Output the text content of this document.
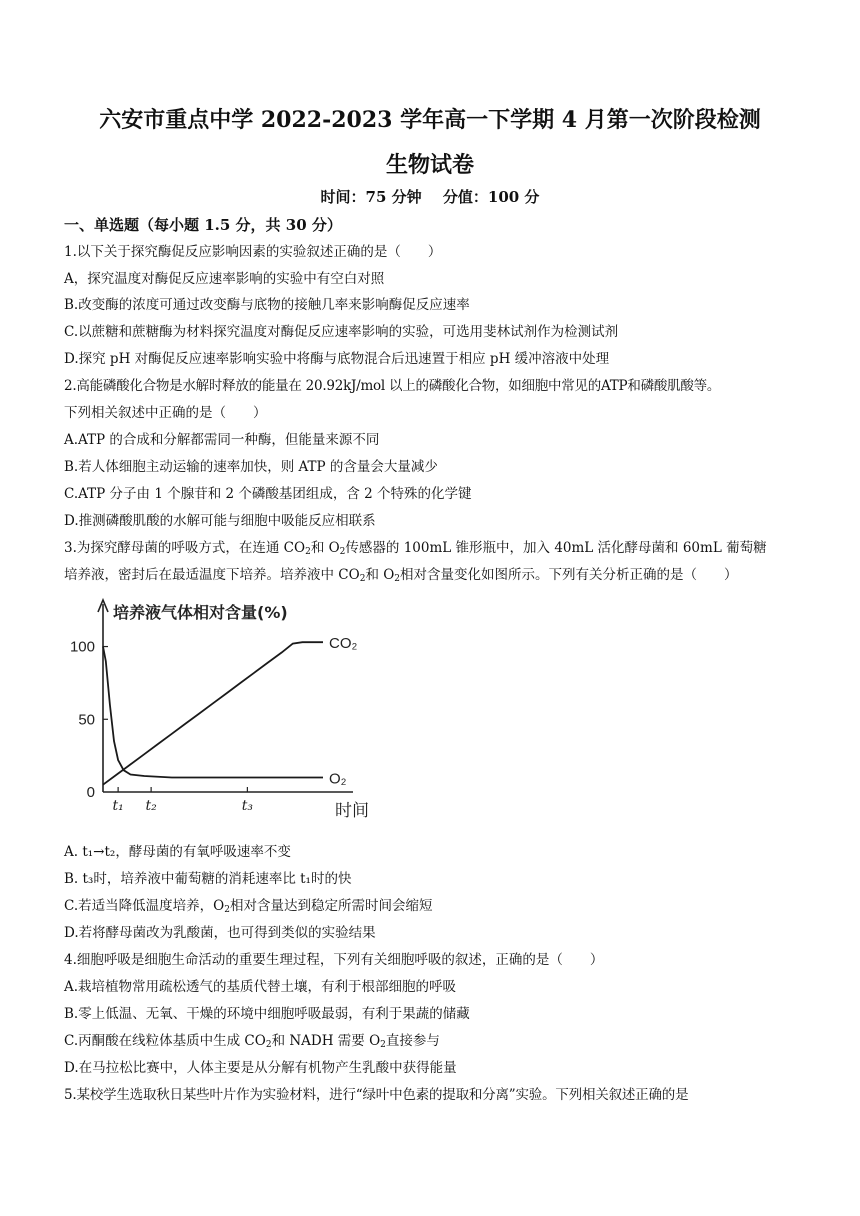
六安市重点中学 2022-2023 学年高一下学期 4 月第一次阶段检测
生物试卷
时间：75 分钟 分值：100 分
一、单选题（每小题 1.5 分，共 30 分）
1.以下关于探究酶促反应影响因素的实验叙述正确的是（　　）
A，探究温度对酶促反应速率影响的实验中有空白对照
B.改变酶的浓度可通过改变酶与底物的接触几率来影响酶促反应速率
C.以蔗糖和蔗糖酶为材料探究温度对酶促反应速率影响的实验，可选用斐林试剂作为检测试剂
D.探究 pH 对酶促反应速率影响实验中将酶与底物混合后迅速置于相应 pH 缓冲溶液中处理
2.高能磷酸化合物是水解时释放的能量在 20.92kJ/mol 以上的磷酸化合物，如细胞中常见的ATP和磷酸肌酸等。
下列相关叙述中正确的是（　　）
A.ATP 的合成和分解都需同一种酶，但能量来源不同
B.若人体细胞主动运输的速率加快，则 ATP 的含量会大量减少
C.ATP 分子由 1 个腺苷和 2 个磷酸基团组成，含 2 个特殊的化学键
D.推测磷酸肌酸的水解可能与细胞中吸能反应相联系
3.为探究酵母菌的呼吸方式，在连通 $CO_2$和 $O_2$传感器的 100mL 锥形瓶中，加入 40mL 活化酵母菌和 60mL 葡萄糖
培养液，密封后在最适温度下培养。培养液中 $CO_2$和 $O_2$相对含量变化如图所示。下列有关分析正确的是（　　）
100
50
0
t₁ t₂	t₃
培养液气体相对含量(%)
时间
CO₂
O₂
A. t₁→t₂，酵母菌的有氧呼吸速率不变
B. t₃时，培养液中葡萄糖的消耗速率比 t₁时的快
C.若适当降低温度培养，$O_2$相对含量达到稳定所需时间会缩短
D.若将酵母菌改为乳酸菌，也可得到类似的实验结果
4.细胞呼吸是细胞生命活动的重要生理过程，下列有关细胞呼吸的叙述，正确的是（　　）
A.栽培植物常用疏松透气的基质代替土壤，有利于根部细胞的呼吸
B.零上低温、无氧、干燥的环境中细胞呼吸最弱，有利于果蔬的储藏
C.丙酮酸在线粒体基质中生成 $CO_2$和 NADH 需要 $O_2$直接参与
D.在马拉松比赛中，人体主要是从分解有机物产生乳酸中获得能量
5.某校学生选取秋日某些叶片作为实验材料，进行“绿叶中色素的提取和分离”实验。下列相关叙述正确的是
